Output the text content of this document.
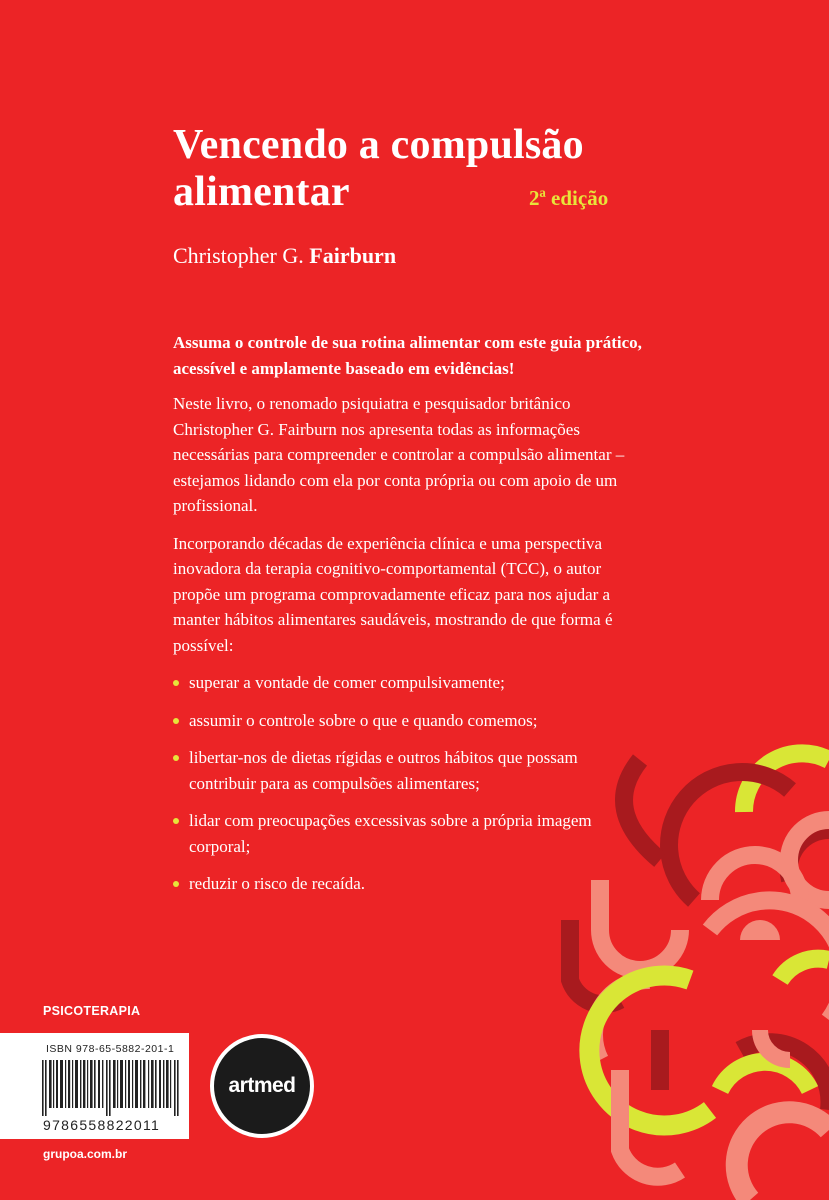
Vencendo a compulsão
alimentar	2ª edição
Christopher G. Fairburn

Assuma o controle de sua rotina alimentar com este guia prático, acessível e amplamente baseado em evidências!

Neste livro, o renomado psiquiatra e pesquisador britânico Christopher G. Fairburn nos apresenta todas as informações necessárias para compreender e controlar a compulsão alimentar – estejamos lidando com ela por conta própria ou com apoio de um profissional.

Incorporando décadas de experiência clínica e uma perspectiva inovadora da terapia cognitivo-comportamental (TCC), o autor propõe um programa comprovadamente eficaz para nos ajudar a manter hábitos alimentares saudáveis, mostrando de que forma é possível:

superar a vontade de comer compulsivamente;
assumir o controle sobre o que e quando comemos;
libertar-nos de dietas rígidas e outros hábitos que possam contribuir para as compulsões alimentares;
lidar com preocupações excessivas sobre a própria imagem corporal;
reduzir o risco de recaída.
PSICOTERAPIA
ISBN 978-65-5882-201-1
9786558822011
artmed
grupoa.com.br
